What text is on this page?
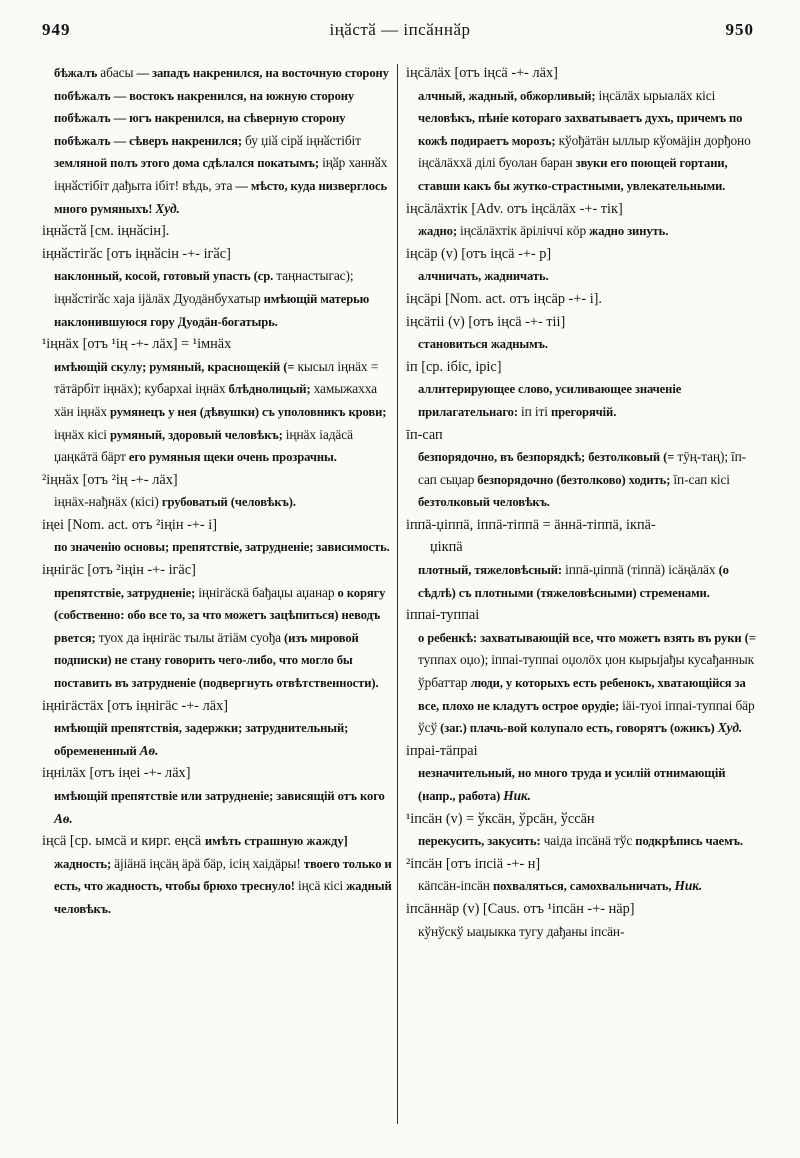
949	іңӑстӑ — іпсӑннӑр	950
бѣжалъ абасы — западъ накренился, на восточную сторону побѣжалъ — востокъ накренился, на южную сторону побѣжалъ — югъ накренился, на сѣверную сторону побѣжалъ — сѣверъ накренился; бу џіӑ сірӑ іңнӑстібіт земляной полъ этого дома сдѣлался покатымъ; іңӑр ханнӑх іңнӑстібіт дађыта ібіт! вѣдь, эта — мѣсто, куда низверглось много румяныхъ! Худ.
іңнӑстӑ [см. іңнӑсін].
іңнӑстігӑс [отъ іңнӑсін -+- ігӑс]
наклонный, косой, готовый упасть (ср. таңнастыгас); іңнӑстігӑс хаја іјӓлӓх Дуодӓнбухатыр имѣющій матерью наклонившуюся гору Дуодӓн-богатырь.
¹іңнӓх [отъ ¹ің -+- лӓх] = ¹імнӓх
имѣющій скулу; румяный, краснощекій (= кысыл іңнӓх = тӓтӓрбіт іңнӓх); кубархаі іңнӓх блѣднолицый; хамыжахха хӓн іңнӓх румянецъ у нея (дѣвушки) съ уполовникъ крови; іңнӓх кісі румяный, здоровый человѣкъ; іңнӓх іадӓсӓ џаңкӓтӓ бӓрт его румяныя щеки очень прозрачны.
²іңнӓх [отъ ²ің -+- лӓх]
іңнӓх-нађнӓх (кісі) грубоватый (человѣкъ).
іңеі [Nom. act. отъ ²іңін -+- і]
по значенію основы; препятствіе, затрудненіе; зависимость.
іңнігӓс [отъ ²іңін -+- ігӓс]
препятствіе, затрудненіе; іңнігӓскӓ бађаџы аџанар о корягу (собственно: обо все то, за что можетъ зацѣпиться) неводъ рвется; туох да іңнігӓс тылы ӓтіӓм суођа (изъ мировой подписки) не стану говорить чего-либо, что могло бы поставить въ затрудненіе (подвергнуть отвѣтственности).
іңнігӓстӓх [отъ іңнігӓс -+- лӓх]
имѣющій препятствія, задержки; затруднительный; обремененный Аѳ.
іңнілӓх [отъ іңеі -+- лӓх]
имѣющій препятствіе или затрудненіе; зависящій отъ кого Аѳ.
іңсӓ [ср. ымсӓ и кирг. еңсӓ имѣть страшную жажду]
жадность; ӓјіӓнӓ іңсӓң ӓрӓ бӓр, ісің хаідӓры! твоего только и есть, что жадность, чтобы брюхо треснуло! іңсӓ кісі жадный человѣкъ.
іңсӓлӓх [отъ іңсӓ -+- лӓх]
алчный, жадный, обжорливый; іңсӓлӓх ырыалӓх кісі человѣкъ, пѣніе котораго захватываетъ духъ, причемъ по кожѣ подираетъ морозъ; кўођӓтӓн ыллыр кўомӓјін дорђоно іңсӓлӓххӓ ділі буолан баран звуки его поющей гортани, ставши какъ бы жутко-страстными, увлекательными.
іңсӓлӓхтік [Adv. отъ іңсӓлӓх -+- тік]
жадно; іңсӓлӓхтік ӓріліччі кӧр жадно зинуть.
іңсӓр (v) [отъ іңсӓ -+- р]
алчничать, жадничать.
іңсӓрі [Nom. act. отъ іңсӓр -+- і].
іңсӓтіі (v) [отъ іңсӓ -+- тіі]
становиться жаднымъ.
іп [ср. ібіс, іріс]
аллитерирующее слово, усиливающее значеніе прилагательнаго: іп іті прегорячій.
īп-сап
безпорядочно, въ безпорядкѣ; безтолковый (= тӯң-таң); īп-сап сыџар безпорядочно (безтолково) ходить; īп-сап кісі безтолковый человѣкъ.
іппӓ-џіппӓ, іппӓ-тіппӓ = ӓннӓ-тіппӓ, ікпӓ-
џікпӓ
плотный, тяжеловѣсный: іппӓ-џіппӓ (тіппӓ) ісӓңӓлӓх (о сѣдлѣ) съ плотными (тяжеловѣсными) стременами.
іппаі-туппаі
о ребенкѣ: захватывающій все, что можетъ взять въ руки (= туппах оџо); іппаі-туппаі оџолӧх џон кырыјађы кусађаннык ўрбаттар люди, у которыхъ есть ребенокъ, хватающійся за все, плохо не кладутъ острое орудіе; іӓі-туоі іппаі-туппаі бӓр ўсў (заг.) плачь-вой колупало есть, говорятъ (ожикъ) Худ.
іпраі-тӓпраі
незначительный, но много труда и усилій отнимающій (напр., работа) Ник.
¹іпсӓн (v) = ўксӓн, ўрсӓн, ўссӓн
перекусить, закусить: чаіда іпсӓнӓ тўс подкрѣпись чаемъ.
²іпсӓн [отъ іпсіӓ -+- н]
кӓпсӓн-іпсӓн похваляться, самохвальничать, Ник.
іпсӓннӓр (v) [Caus. отъ ¹іпсӓн -+- нӓр]
кўнўскў ыаџыкка тугу дађаны іпсӓн-
